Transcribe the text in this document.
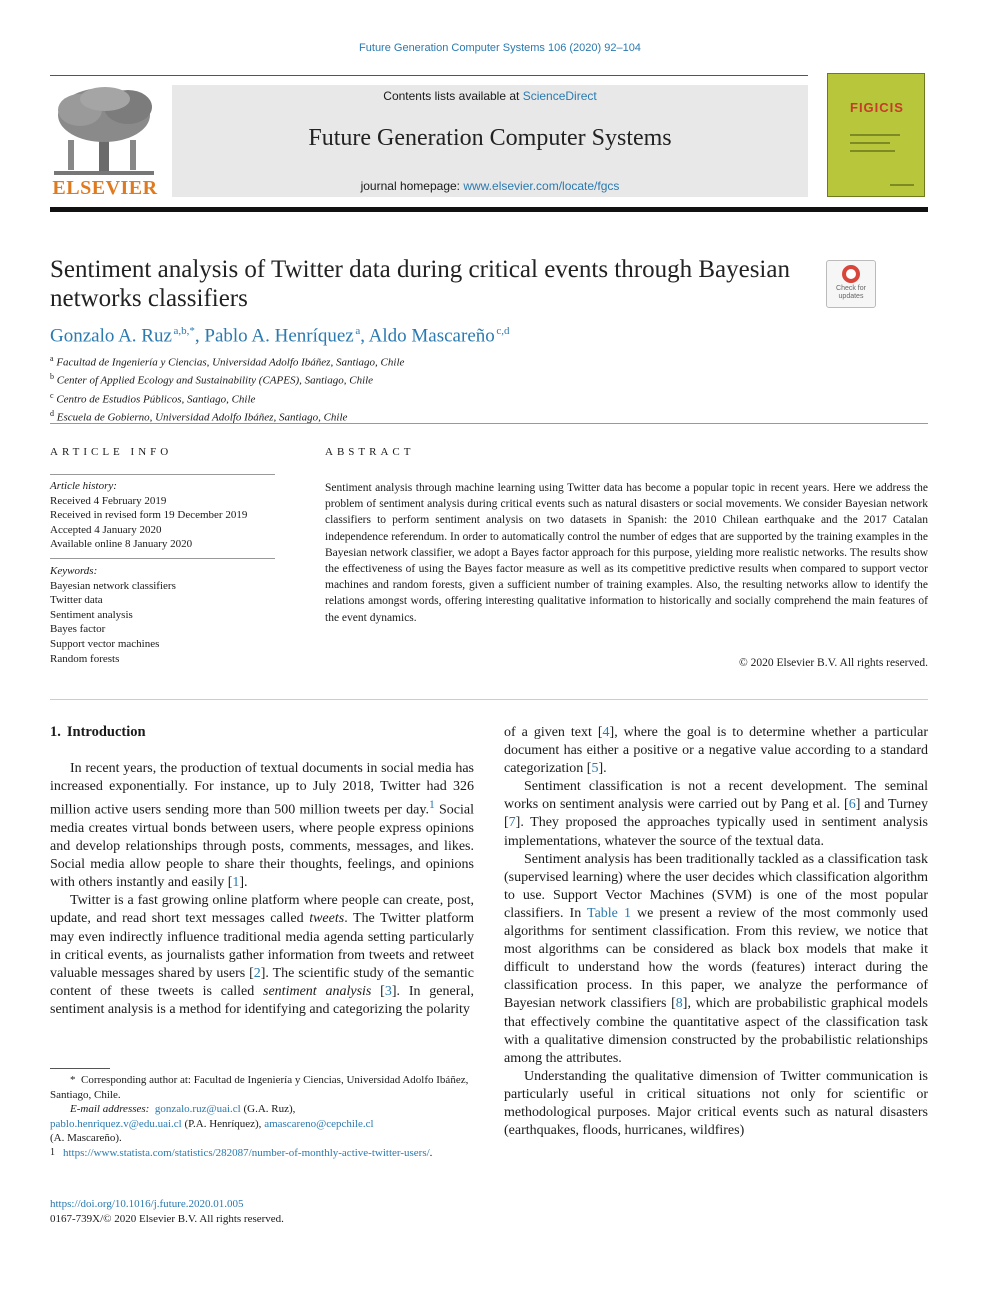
Future Generation Computer Systems 106 (2020) 92–104
ELSEVIER
Contents lists available at ScienceDirect
Future Generation Computer Systems
journal homepage: www.elsevier.com/locate/fgcs
FIGICIS
Sentiment analysis of Twitter data during critical events through Bayesian networks classifiers	Check for
updates
Gonzalo A. Ruz  $^{a,b,*}$, Pablo A. Henríquez  $^a$, Aldo Mascareño  $^{c,d}$
$^a$ Facultad de Ingeniería y Ciencias, Universidad Adolfo Ibáñez, Santiago, Chile
$^b$ Center of Applied Ecology and Sustainability (CAPES), Santiago, Chile
$^c$ Centro de Estudios Públicos, Santiago, Chile
$^d$ Escuela de Gobierno, Universidad Adolfo Ibáñez, Santiago, Chile
ARTICLE INFO
Article history:
Received 4 February 2019
Received in revised form 19 December 2019
Accepted 4 January 2020
Available online 8 January 2020
Keywords:
Bayesian network classifiers
Twitter data
Sentiment analysis
Bayes factor
Support vector machines
Random forests
ABSTRACT
Sentiment analysis through machine learning using Twitter data has become a popular topic in recent years. Here we address the problem of sentiment analysis during critical events such as natural disasters or social movements. We consider Bayesian network classifiers to perform sentiment analysis on two datasets in Spanish: the 2010 Chilean earthquake and the 2017 Catalan independence referendum. In order to automatically control the number of edges that are supported by the training examples in the Bayesian network classifier, we adopt a Bayes factor approach for this purpose, yielding more realistic networks. The results show the effectiveness of using the Bayes factor measure as well as its competitive predictive results when compared to support vector machines and random forests, given a sufficient number of training examples. Also, the resulting networks allow to identify the relations amongst words, offering interesting qualitative information to historically and socially comprehend the main features of the event dynamics.
© 2020 Elsevier B.V. All rights reserved.
1. Introduction

In recent years, the production of textual documents in social media has increased exponentially. For instance, up to July 2018, Twitter had 326 million active users sending more than 500 million tweets per day.$^1$ Social media creates virtual bonds between users, where people express opinions and develop relationships through posts, comments, messages, and likes. Social media allow people to share their thoughts, feelings, and opinions with others instantly and easily [1].

Twitter is a fast growing online platform where people can create, post, update, and read short text messages called tweets. The Twitter platform may even indirectly influence traditional media agenda setting particularly in critical events, as journalists gather information from tweets and retweet valuable messages shared by users [2]. The scientific study of the semantic content of these tweets is called sentiment analysis [3]. In general, sentiment analysis is a method for identifying and categorizing the polarity

of a given text [4], where the goal is to determine whether a particular document has either a positive or a negative value according to a standard categorization [5].

Sentiment classification is not a recent development. The seminal works on sentiment analysis were carried out by Pang et al. [6] and Turney [7]. They proposed the approaches typically used in sentiment analysis implementations, whatever the source of the textual data.

Sentiment analysis has been traditionally tackled as a classification task (supervised learning) where the user decides which classification algorithm to use. Support Vector Machines (SVM) is one of the most popular classifiers. In Table 1 we present a review of the most commonly used algorithms for sentiment classification. From this review, we notice that most algorithms can be considered as black box models that make it difficult to understand how the words (features) interact during the classification process. In this paper, we analyze the performance of Bayesian network classifiers [8], which are probabilistic graphical models that effectively combine the quantitative aspect of the classification task with a qualitative dimension constructed by the probabilistic relationships among the attributes.

Understanding the qualitative dimension of Twitter communication is particularly useful in critical situations not only for scientific or methodological purposes. Major critical events such as natural disasters (earthquakes, floods, hurricanes, wildfires)

* Corresponding author at: Facultad de Ingeniería y Ciencias, Universidad Adolfo Ibáñez, Santiago, Chile.
E-mail addresses: gonzalo.ruz@uai.cl (G.A. Ruz),
pablo.henriquez.v@edu.uai.cl (P.A. Henríquez), amascareno@cepchile.cl
(A. Mascareño).
1 https://www.statista.com/statistics/282087/number-of-monthly-active-twitter-users/.
https://doi.org/10.1016/j.future.2020.01.005
0167-739X/© 2020 Elsevier B.V. All rights reserved.
